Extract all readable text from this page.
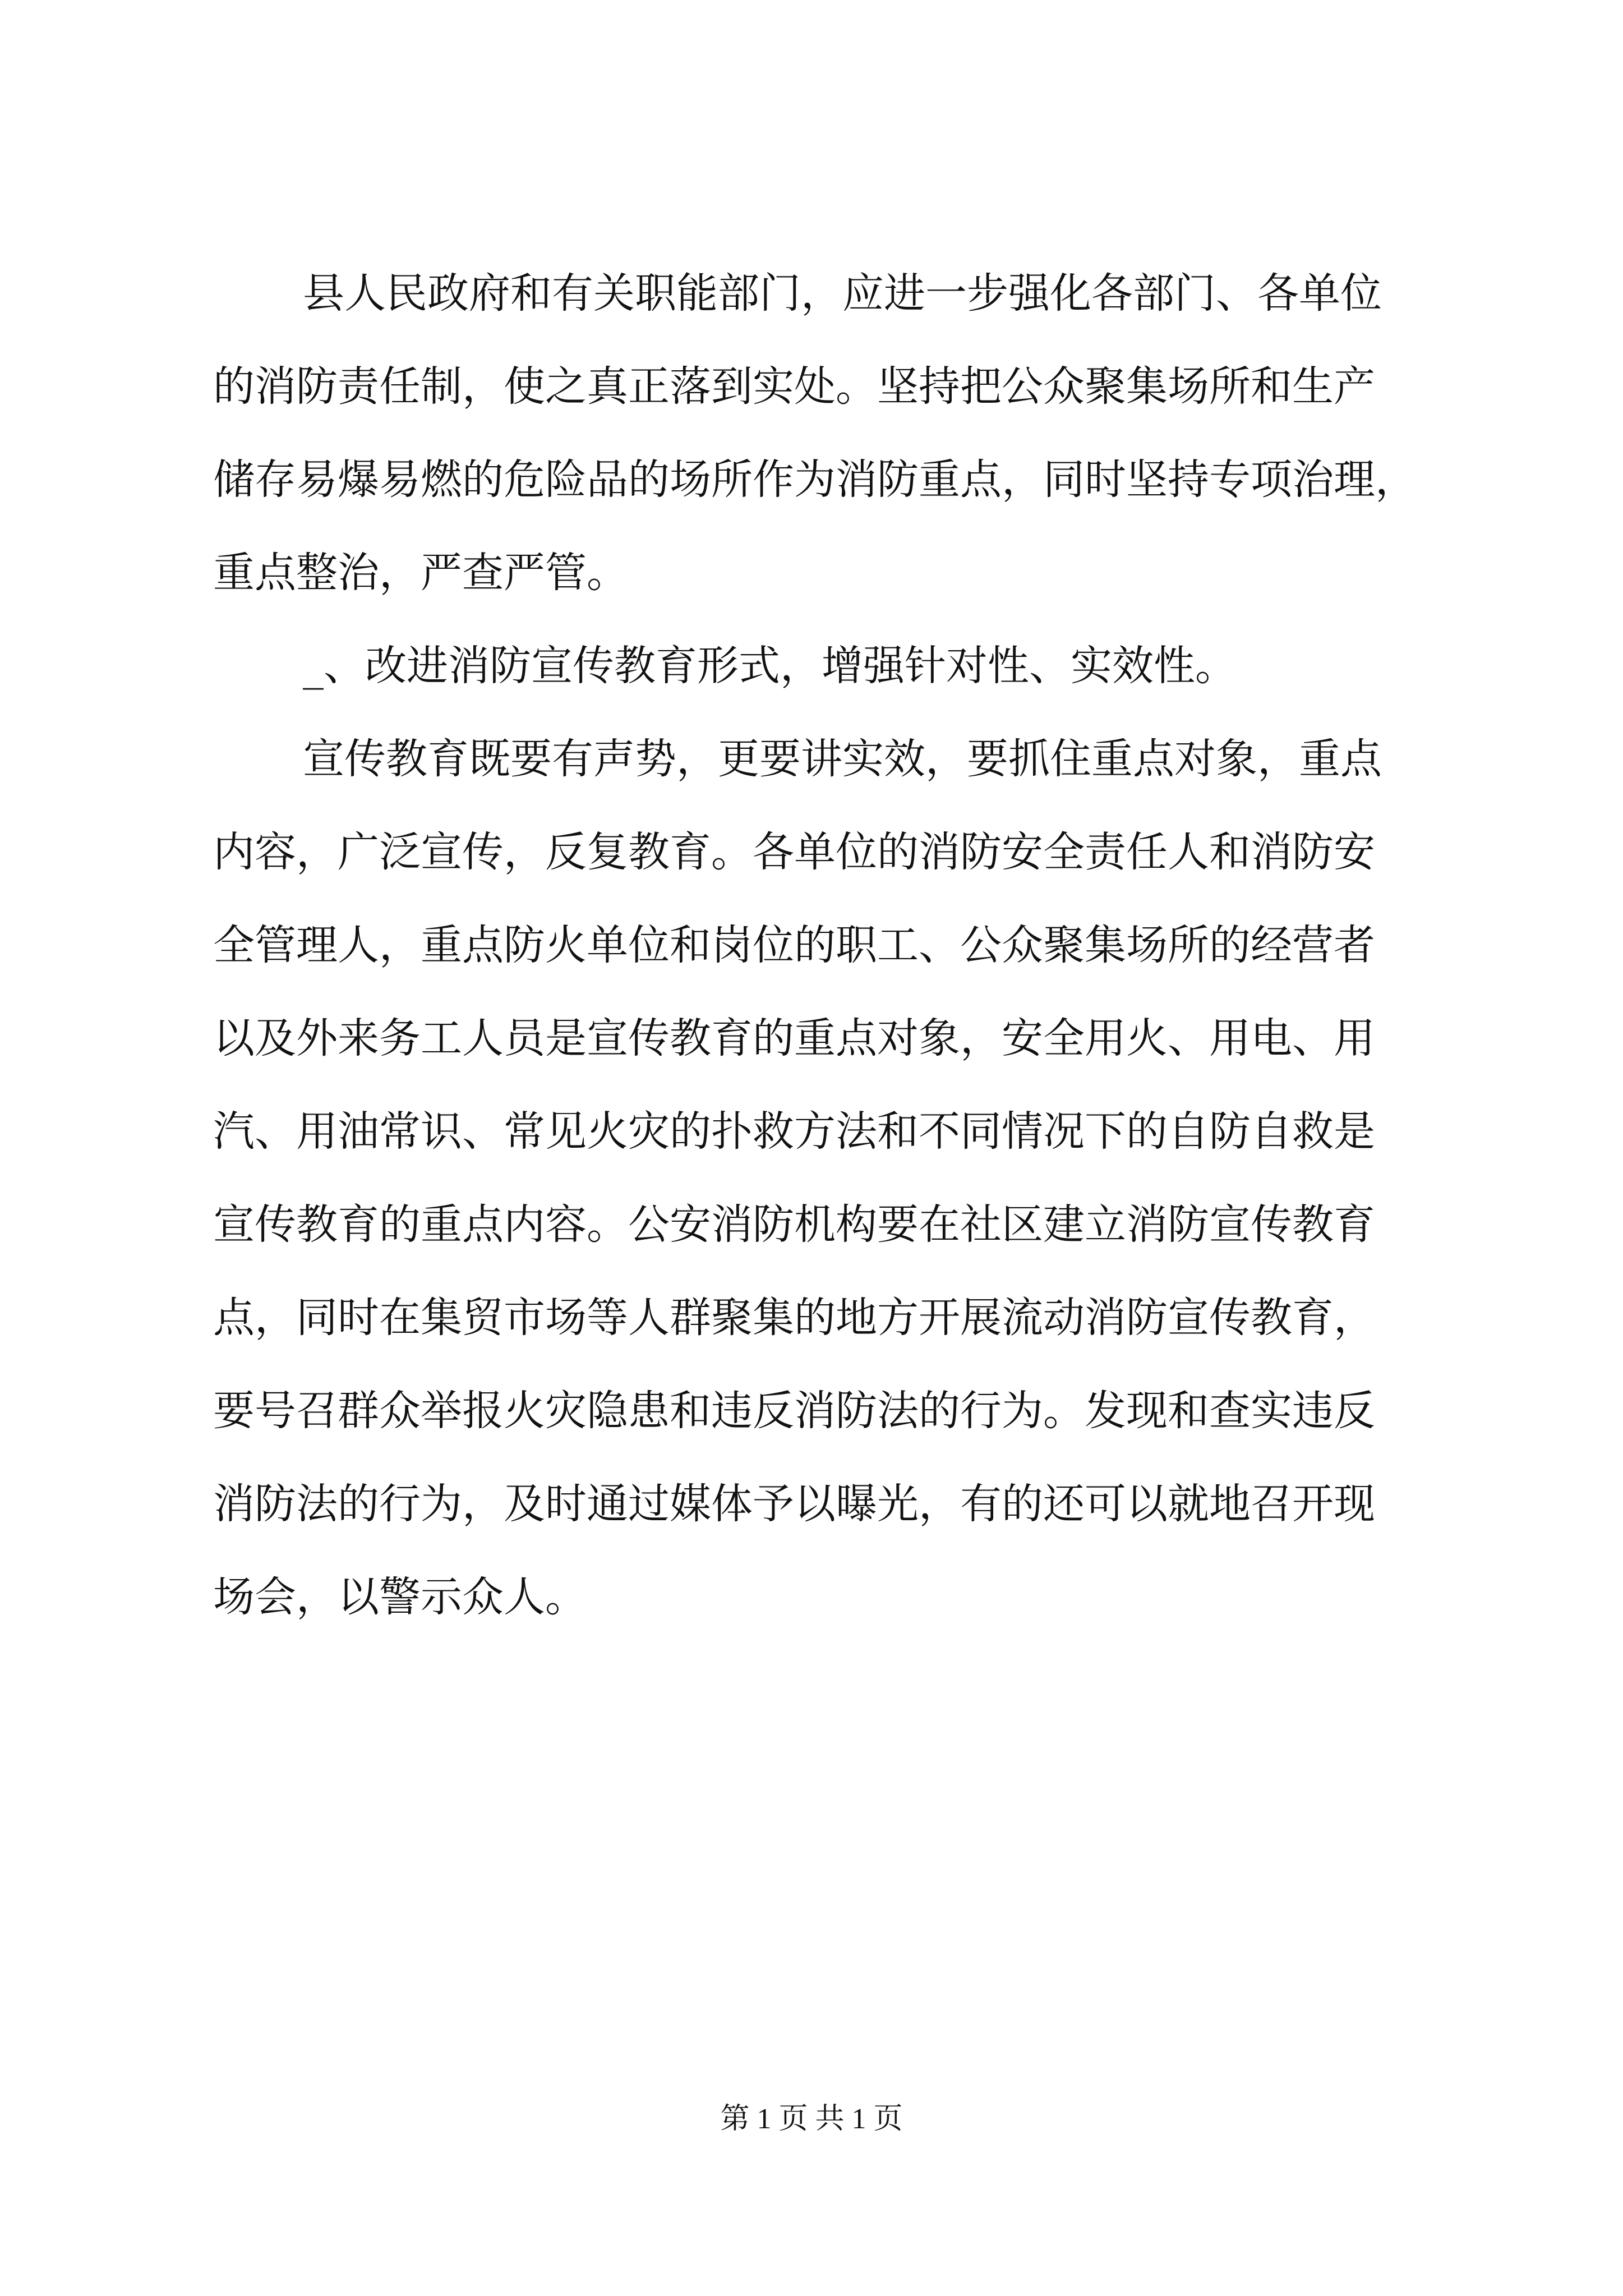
县人民政府和有关职能部门，应进一步强化各部门、各单位
的消防责任制，使之真正落到实处。坚持把公众聚集场所和生产
储存易爆易燃的危险品的场所作为消防重点，同时坚持专项治理，
重点整治，严查严管。
_、改进消防宣传教育形式，增强针对性、实效性。
宣传教育既要有声势，更要讲实效，要抓住重点对象，重点
内容，广泛宣传，反复教育。各单位的消防安全责任人和消防安
全管理人，重点防火单位和岗位的职工、公众聚集场所的经营者
以及外来务工人员是宣传教育的重点对象，安全用火、用电、用
汽、用油常识、常见火灾的扑救方法和不同情况下的自防自救是
宣传教育的重点内容。公安消防机构要在社区建立消防宣传教育
点，同时在集贸市场等人群聚集的地方开展流动消防宣传教育，
要号召群众举报火灾隐患和违反消防法的行为。发现和查实违反
消防法的行为，及时通过媒体予以曝光，有的还可以就地召开现
场会，以警示众人。
第 1 页 共 1 页
